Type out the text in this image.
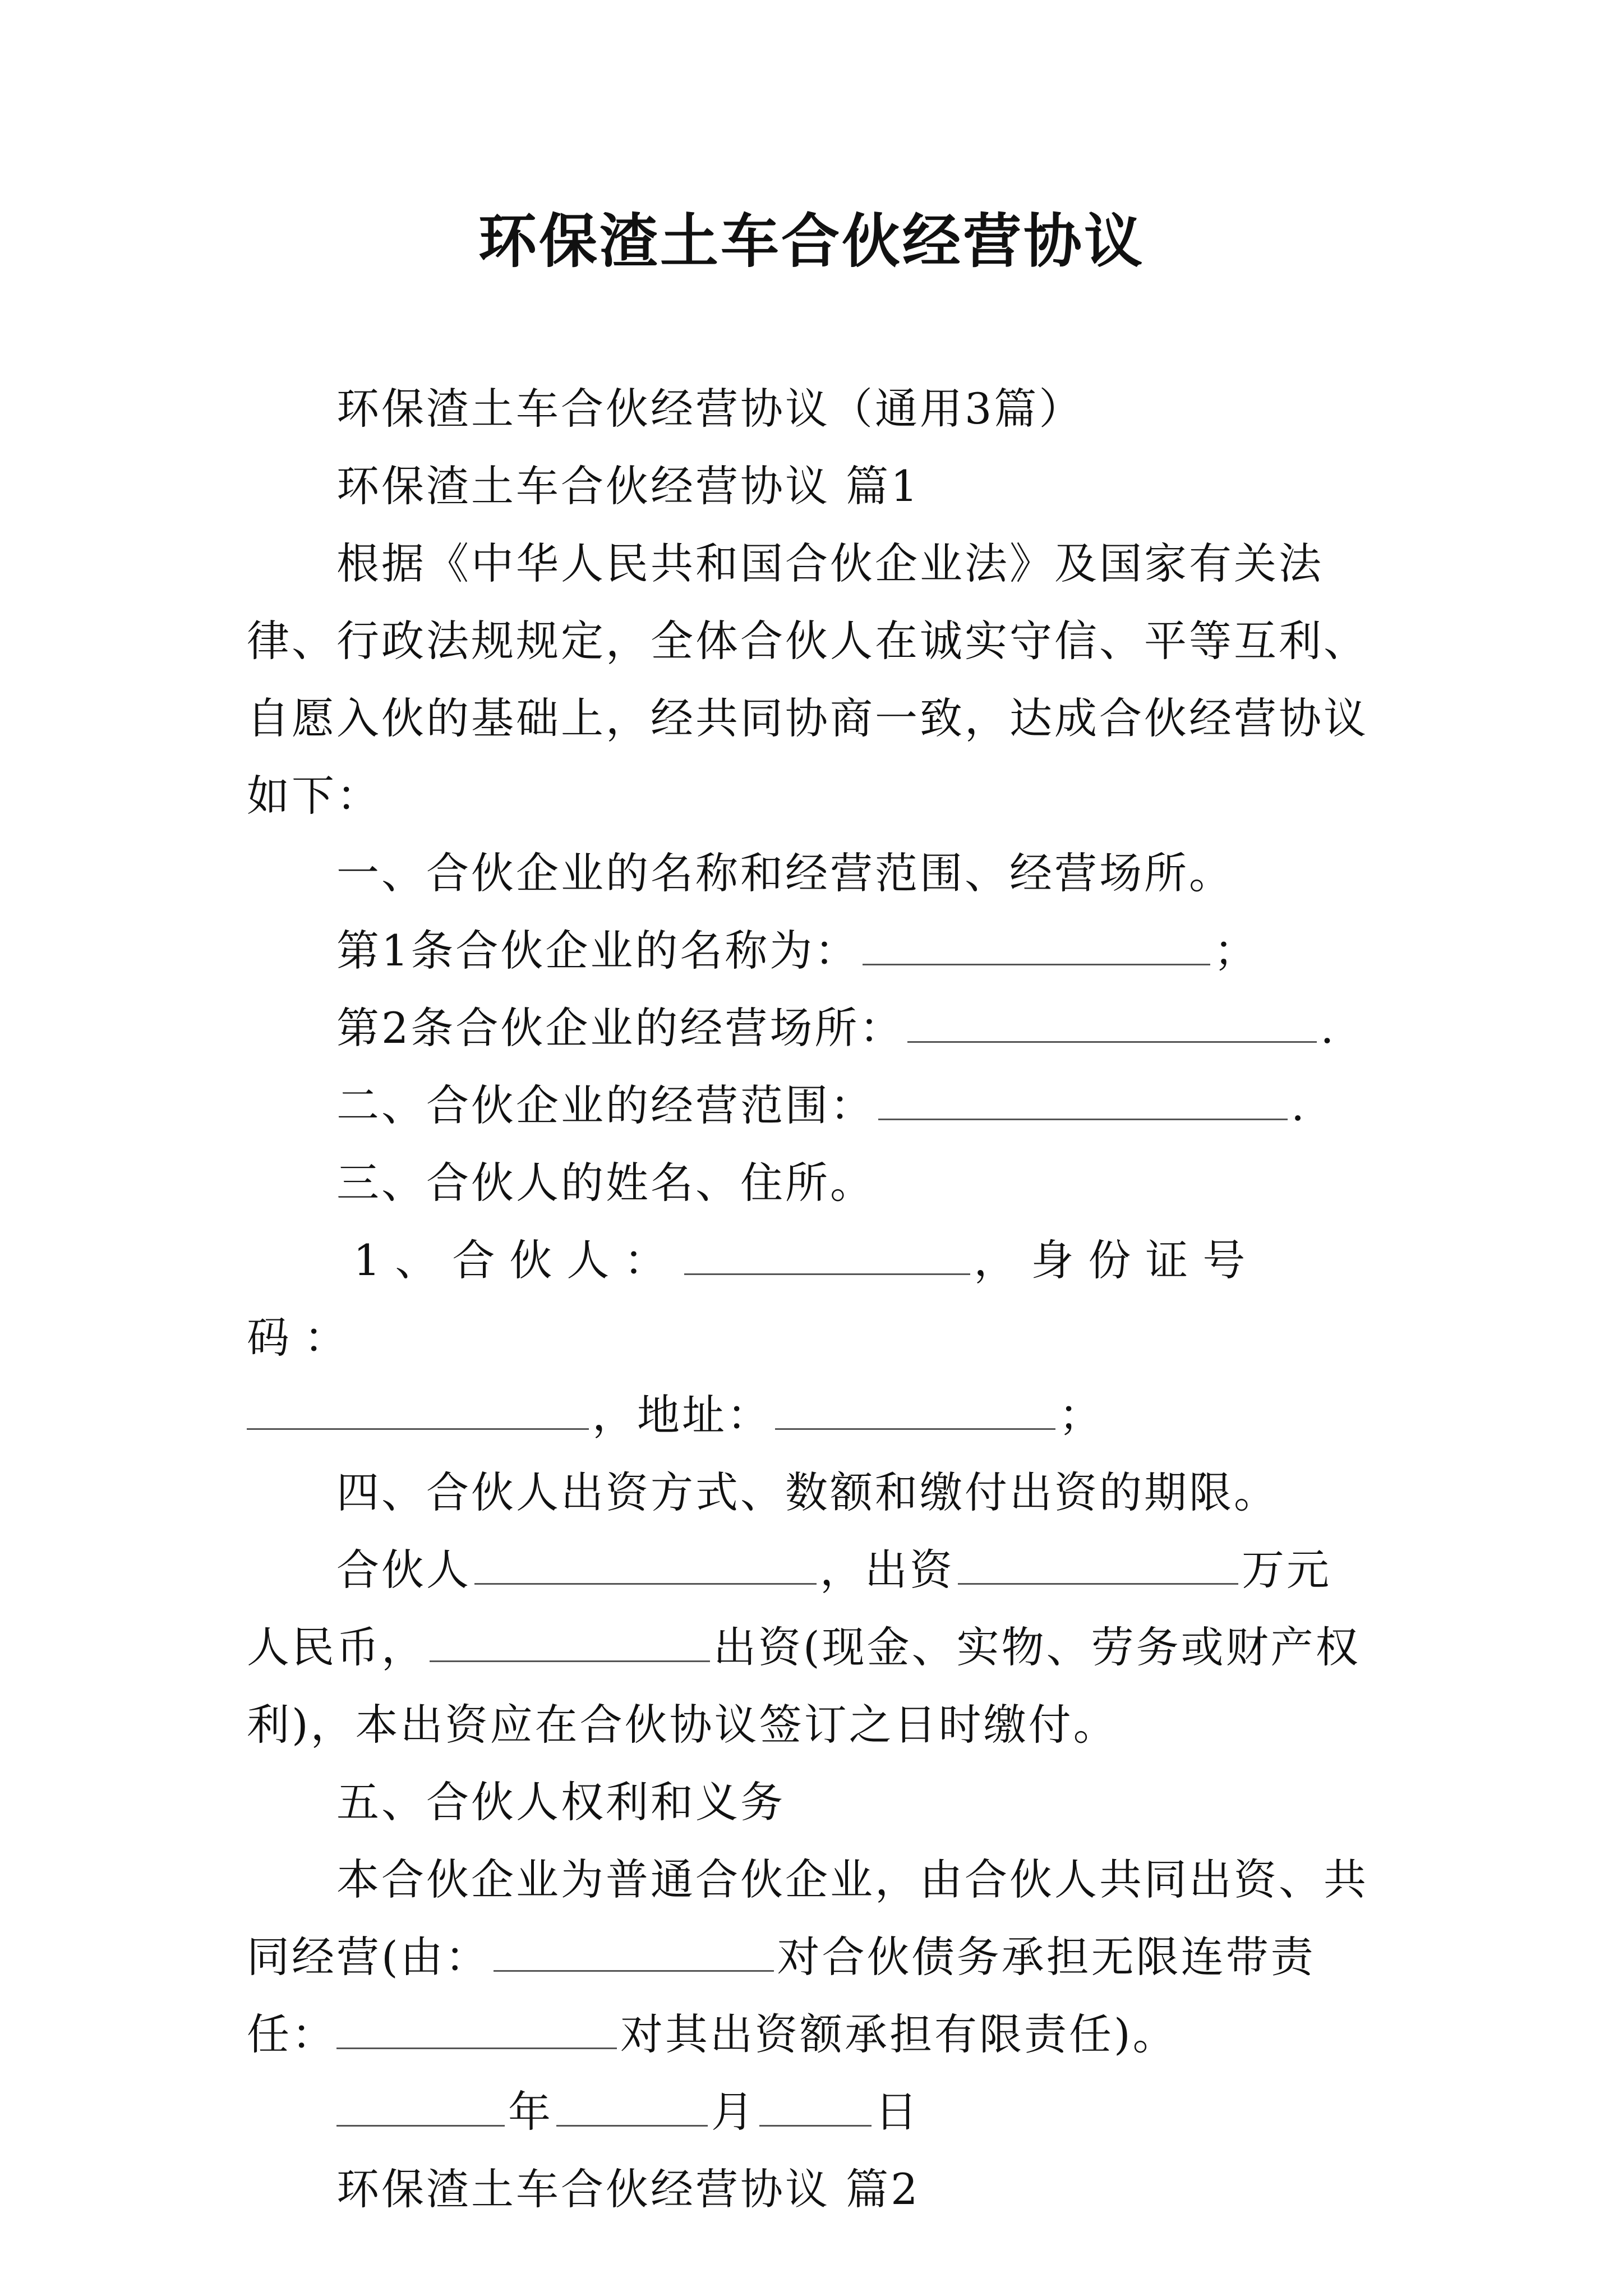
环保渣土车合伙经营协议

环保渣土车合伙经营协议（通用3篇）

环保渣土车合伙经营协议 篇1

根据《中华人民共和国合伙企业法》及国家有关法律、行政法规规定，全体合伙人在诚实守信、平等互利、自愿入伙的基础上，经共同协商一致，达成合伙经营协议如下：

一、合伙企业的名称和经营范围、经营场所。

第1条合伙企业的名称为：	；

第2条合伙企业的经营场所：	.

二、合伙企业的经营范围：	.

三、合伙人的姓名、住所。

1、合伙人：	，身份证号码：

，地址：	；

四、合伙人出资方式、数额和缴付出资的期限。

合伙人	，出资	万元人民币，	出资(现金、实物、劳务或财产权利)，本出资应在合伙协议签订之日时缴付。

五、合伙人权利和义务

本合伙企业为普通合伙企业，由合伙人共同出资、共同经营(由：	对合伙债务承担无限连带责任：	对其出资额承担有限责任)。

年	月	日

环保渣土车合伙经营协议 篇2
